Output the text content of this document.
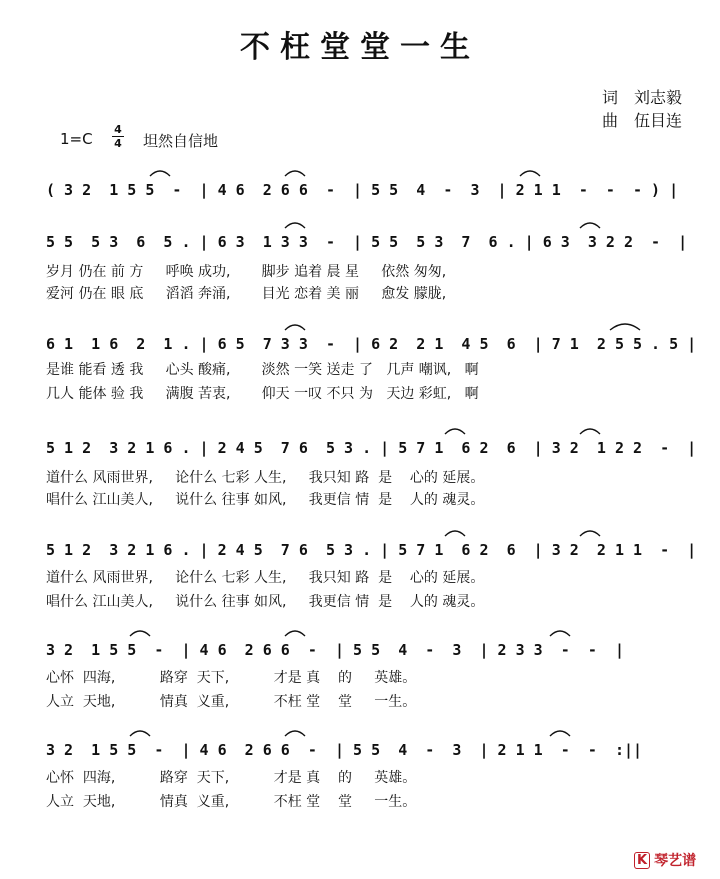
不枉堂堂一生
词 刘志毅
曲 伍目连
1=C
4
4 坦然自信地
( 3 2  1 5 5  -  | 4 6  2 6 6  -  | 5 5  4  -  3  | 2 1 1  -  -  - ) |
5 5  5 3  6  5 . | 6 3  1 3 3  -  | 5 5  5 3  7  6 . | 6 3  3 2 2  -  |
岁月 仍在 前 方     呼唤 成功,       脚步 追着 晨 星     依然 匆匆,
爱河 仍在 眼 底     滔滔 奔涌,       目光 恋着 美 丽     愈发 朦胧,
6 1  1 6  2  1 . | 6 5  7 3 3  -  | 6 2  2 1  4 5  6  | 7 1  2 5 5 . 5 |
是谁 能看 透 我     心头 酸痛,       淡然 一笑 送走 了   几声 嘲讽,   啊
几人 能体 验 我     满腹 苦衷,       仰天 一叹 不只 为   天边 彩虹,   啊
5 1 2  3 2 1 6 . | 2 4 5  7 6  5 3 . | 5 7 1  6 2  6  | 3 2  1 2 2  -  |
道什么 风雨世界,     论什么 七彩 人生,     我只知 路  是    心的 延展。
唱什么 江山美人,     说什么 往事 如风,     我更信 情  是    人的 魂灵。
5 1 2  3 2 1 6 . | 2 4 5  7 6  5 3 . | 5 7 1  6 2  6  | 3 2  2 1 1  -  |
道什么 风雨世界,     论什么 七彩 人生,     我只知 路  是    心的 延展。
唱什么 江山美人,     说什么 往事 如风,     我更信 情  是    人的 魂灵。
3 2  1 5 5  -  | 4 6  2 6 6  -  | 5 5  4  -  3  | 2 3 3  -  -  |
心怀  四海,          路穿  天下,          才是 真    的     英雄。
人立  天地,          情真  义重,          不枉 堂    堂     一生。
3 2  1 5 5  -  | 4 6  2 6 6  -  | 5 5  4  -  3  | 2 1 1  -  -  :||
心怀  四海,          路穿  天下,          才是 真    的     英雄。
人立  天地,          情真  义重,          不枉 堂    堂     一生。
K 琴艺谱
